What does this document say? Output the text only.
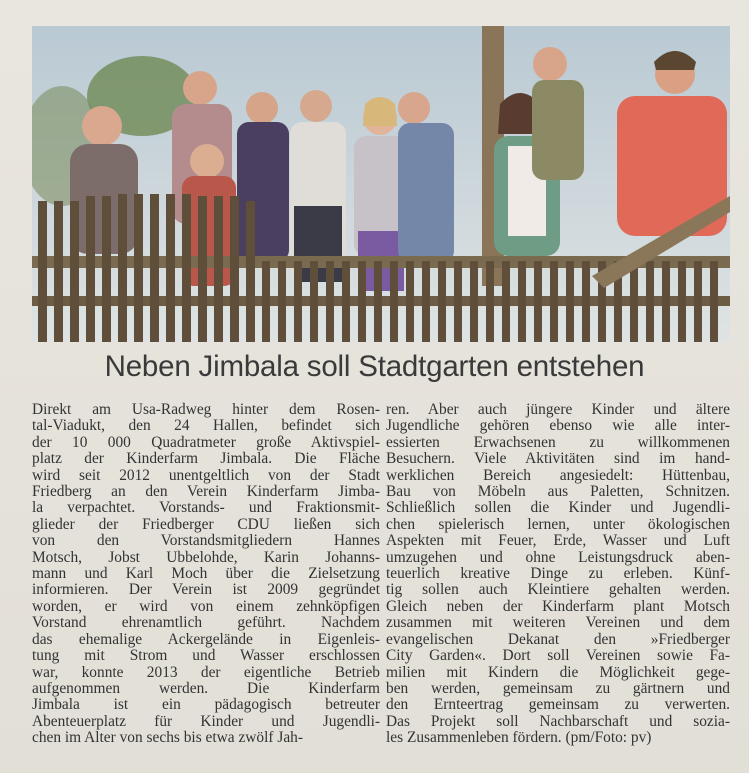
Neben Jimbala soll Stadtgarten entstehen
Direkt am Usa-Radweg hinter dem Rosen-
tal-Viadukt, den 24 Hallen, befindet sich
der 10 000 Quadratmeter große Aktivspiel-
platz der Kinderfarm Jimbala. Die Fläche
wird seit 2012 unentgeltlich von der Stadt
Friedberg an den Verein Kinderfarm Jimba-
la verpachtet. Vorstands- und Fraktionsmit-
glieder der Friedberger CDU ließen sich
von den Vorstandsmitgliedern Hannes
Motsch, Jobst Ubbelohde, Karin Johanns-
mann und Karl Moch über die Zielsetzung
informieren. Der Verein ist 2009 gegründet
worden, er wird von einem zehnköpfigen
Vorstand ehrenamtlich geführt. Nachdem
das ehemalige Ackergelände in Eigenleis-
tung mit Strom und Wasser erschlossen
war, konnte 2013 der eigentliche Betrieb
aufgenommen werden. Die Kinderfarm
Jimbala ist ein pädagogisch betreuter
Abenteuerplatz für Kinder und Jugendli-
chen im Alter von sechs bis etwa zwölf Jah-
ren. Aber auch jüngere Kinder und ältere
Jugendliche gehören ebenso wie alle inter-
essierten Erwachsenen zu willkommenen
Besuchern. Viele Aktivitäten sind im hand-
werklichen Bereich angesiedelt: Hüttenbau,
Bau von Möbeln aus Paletten, Schnitzen.
Schließlich sollen die Kinder und Jugendli-
chen spielerisch lernen, unter ökologischen
Aspekten mit Feuer, Erde, Wasser und Luft
umzugehen und ohne Leistungsdruck aben-
teuerlich kreative Dinge zu erleben. Künf-
tig sollen auch Kleintiere gehalten werden.
Gleich neben der Kinderfarm plant Motsch
zusammen mit weiteren Vereinen und dem
evangelischen Dekanat den »Friedberger
City Garden«. Dort soll Vereinen sowie Fa-
milien mit Kindern die Möglichkeit gege-
ben werden, gemeinsam zu gärtnern und
den Ernteertrag gemeinsam zu verwerten.
Das Projekt soll Nachbarschaft und sozia-
les Zusammenleben fördern. (pm/Foto: pv)
